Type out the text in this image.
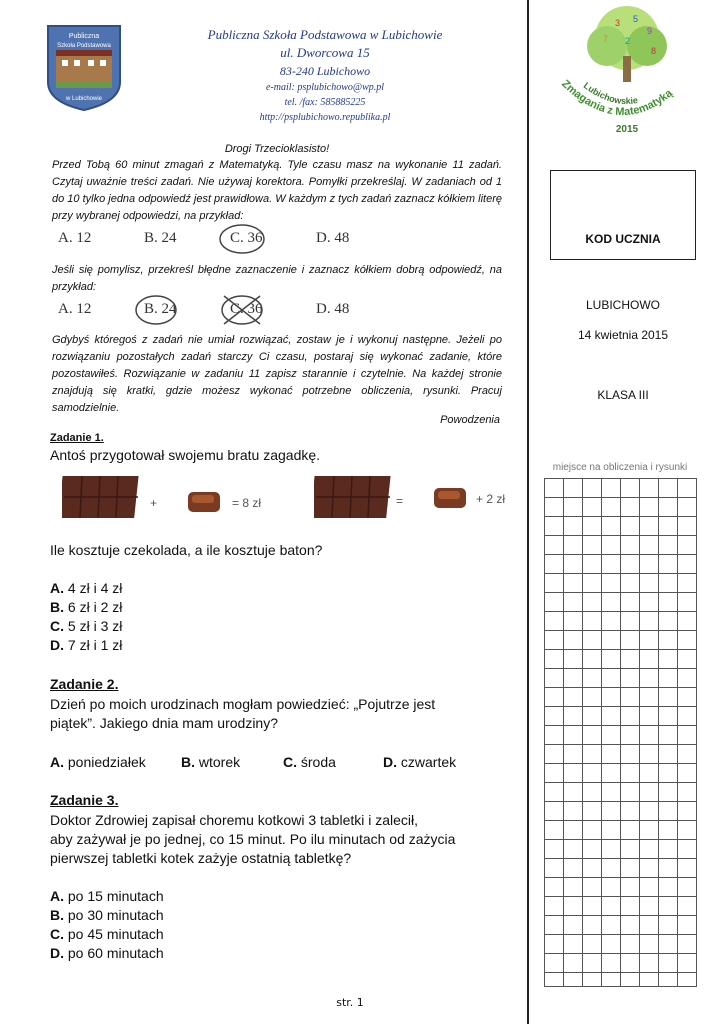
Publiczna
Szkoła Podstawowa
w Lubichowie
Publiczna Szkoła Podstawowa w Lubichowie
ul. Dworcowa 15
83-240 Lubichowo
e-mail: psplubichowo@wp.pl
tel. /fax: 585885225
http://psplubichowo.republika.pl
3 5
9
7 2
8
Lubichowskie
Zmagania z Matematyką
2015
KOD UCZNIA
LUBICHOWO
14 kwietnia 2015
KLASA III
miejsce na obliczenia i rysunki
Drogi Trzecioklasisto!
Przed Tobą 60 minut zmagań z Matematyką. Tyle czasu masz na wykonanie 11 zadań. Czytaj uważnie treści zadań. Nie używaj korektora. Pomyłki przekreślaj. W zadaniach od 1 do 10 tylko jedna odpowiedź jest prawidłowa. W każdym z tych zadań zaznacz kółkiem literę przy wybranej odpowiedzi, na przykład:
A. 12	B. 24	C. 36	D. 48
Jeśli się pomylisz, przekreśl błędne zaznaczenie i zaznacz kółkiem dobrą odpowiedź, na przykład:
A. 12	B. 24	C. 36	D. 48
Gdybyś któregoś z zadań nie umiał rozwiązać, zostaw je i wykonuj następne. Jeżeli po rozwiązaniu pozostałych zadań starczy Ci czasu, postaraj się wykonać zadanie, które pozostawiłeś. Rozwiązanie w zadaniu 11 zapisz starannie i czytelnie. Na każdej stronie znajdują się kratki, gdzie możesz wykonać potrzebne obliczenia, rysunki. Pracuj samodzielnie.
Powodzenia
Zadanie 1.
Antoś przygotował swojemu bratu zagadkę.
+	= 8 zł	=	+ 2 zł
Ile kosztuje czekolada, a ile kosztuje baton?
A. 4 zł i 4 zł
B. 6 zł i 2 zł
C. 5 zł i 3 zł
D. 7 zł i 1 zł
Zadanie 2.
Dzień po moich urodzinach mogłam powiedzieć: „Pojutrze jest
piątek”. Jakiego dnia mam urodziny?
A. poniedziałek	B. wtorek	C. środa	D. czwartek
Zadanie 3.
Doktor Zdrowiej zapisał choremu kotkowi 3 tabletki i zalecił,
aby zażywał je po jednej, co 15 minut. Po ilu minutach od zażycia
pierwszej tabletki kotek zażyje ostatnią tabletkę?
A. po 15 minutach
B. po 30 minutach
C. po 45 minutach
D. po 60 minutach
str. 1
